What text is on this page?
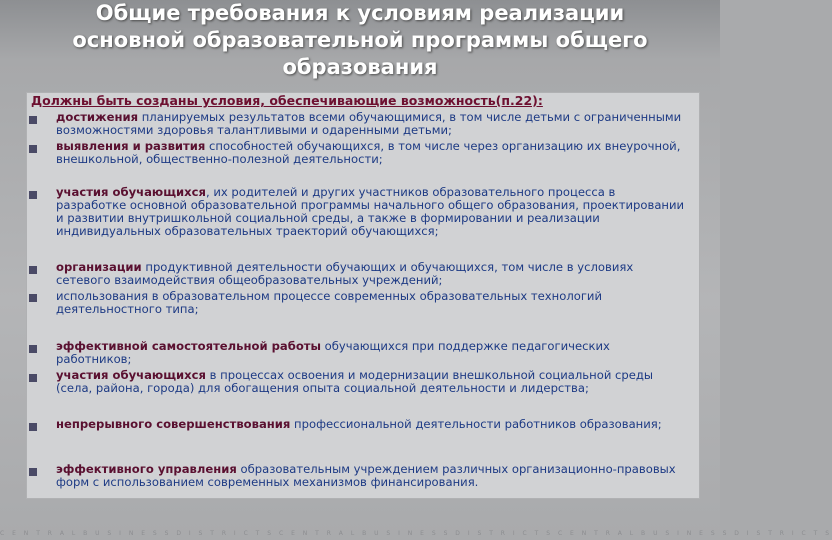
Общие требования к условиям реализации
основной образовательной программы общего
образования
Должны быть созданы условия, обеспечивающие возможность(п.22):
достижения планируемых результатов всеми обучающимися, в том числе детьми с ограниченными возможностями здоровья талантливыми и одаренными детьми;
выявления и развития способностей обучающихся, в том числе через организацию их внеурочной, внешкольной, общественно-полезной деятельности;
участия обучающихся, их родителей и других участников образовательного процесса в разработке основной образовательной программы начального общего образования, проектировании и развитии внутришкольной социальной среды, а также в формировании и реализации индивидуальных образовательных траекторий обучающихся;
организации продуктивной деятельности обучающих и обучающихся, том числе в условиях сетевого взаимодействия общеобразовательных учреждений;
использования в образовательном процессе современных образовательных технологий деятельностного типа;
эффективной самостоятельной работы обучающихся при поддержке педагогических работников;
участия обучающихся в процессах освоения и модернизации внешкольной социальной среды (села, района, города) для обогащения опыта социальной деятельности и лидерства;
непрерывного совершенствования профессиональной деятельности работников образования;
эффективного управления образовательным учреждением различных организационно-правовых форм с использованием современных механизмов финансирования.
C E N T R A L B U S I N E S S D I S T R I C T S C E N T R A L B U S I N E S S D I S T R I C T S C E N T R A L B U S I N E S S D I S T R I C T S
